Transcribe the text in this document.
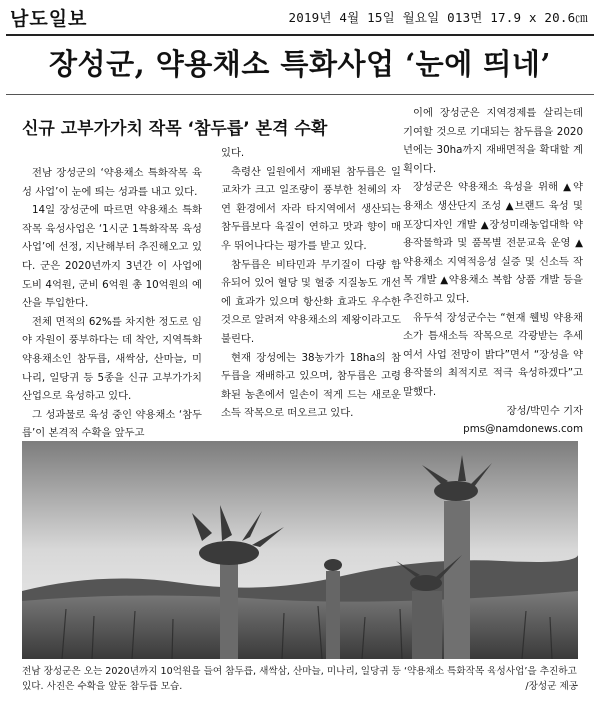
남도일보	2019년 4월 15일 월요일 013면 17.9 x 20.6㎝
장성군, 약용채소 특화사업 ‘눈에 띄네’
신규 고부가가치 작목 ‘참두릅’ 본격 수확

전남 장성군의 ‘약용채소 특화작목 육성 사업’이 눈에 띄는 성과를 내고 있다.

14일 장성군에 따르면 약용채소 특화작목 육성사업은 ‘1시군 1특화작목 육성사업’에 선정, 지난해부터 추진해오고 있다. 군은 2020년까지 3년간 이 사업에 도비 4억원, 군비 6억원 총 10억원의 예산을 투입한다.

전체 면적의 62%를 차지한 정도로 임야 자원이 풍부하다는 데 착안, 지역특화 약용채소인 참두릅, 새싹삼, 산마늘, 미나리, 일당귀 등 5종을 신규 고부가가치 산업으로 육성하고 있다.

그 성과물로 육성 중인 약용채소 ‘참두릅’이 본격적 수확을 앞두고

있다.

축령산 일원에서 재배된 참두릅은 일교차가 크고 일조량이 풍부한 천혜의 자연 환경에서 자라 타지역에서 생산되는 참두릅보다 육질이 연하고 맛과 향이 매우 뛰어나다는 평가를 받고 있다.

참두릅은 비타민과 무기질이 다량 함유되어 있어 혈당 및 혈중 지질농도 개선에 효과가 있으며 항산화 효과도 우수한 것으로 알려져 약용채소의 제왕이라고도 불린다.

현재 장성에는 38농가가 18ha의 참두릅을 재배하고 있으며, 참두릅은 고령화된 농촌에서 일손이 적게 드는 새로운 소득 작목으로 떠오르고 있다.

이에 장성군은 지역경제를 살리는데 기여할 것으로 기대되는 참두릅을 2020년에는 30ha까지 재배면적을 확대할 계획이다.

장성군은 약용채소 육성을 위해 ▲약용채소 생산단지 조성 ▲브랜드 육성 및 포장디자인 개발 ▲장성미래농업대학 약용작물학과 및 품목별 전문교육 운영 ▲약용채소 지역적응성 실증 및 신소득 작목 개발 ▲약용채소 복합 상품 개발 등을 추진하고 있다.

유두석 장성군수는 “현재 웰빙 약용채소가 틈새소득 작목으로 각광받는 추세여서 사업 전망이 밝다”면서 “장성을 약용작물의 최적지로 적극 육성하겠다”고 말했다.

장성/박민수 기자

pms@namdonews.com

전남 장성군은 오는 2020년까지 10억원을 들여 참두릅, 새싹삼, 산마늘, 미나리, 일당귀 등 ‘약용채소 특화작목 육성사업’을 추진하고 있다. 사진은 수확을 앞둔 참두릅 모습.	/장성군 제공
